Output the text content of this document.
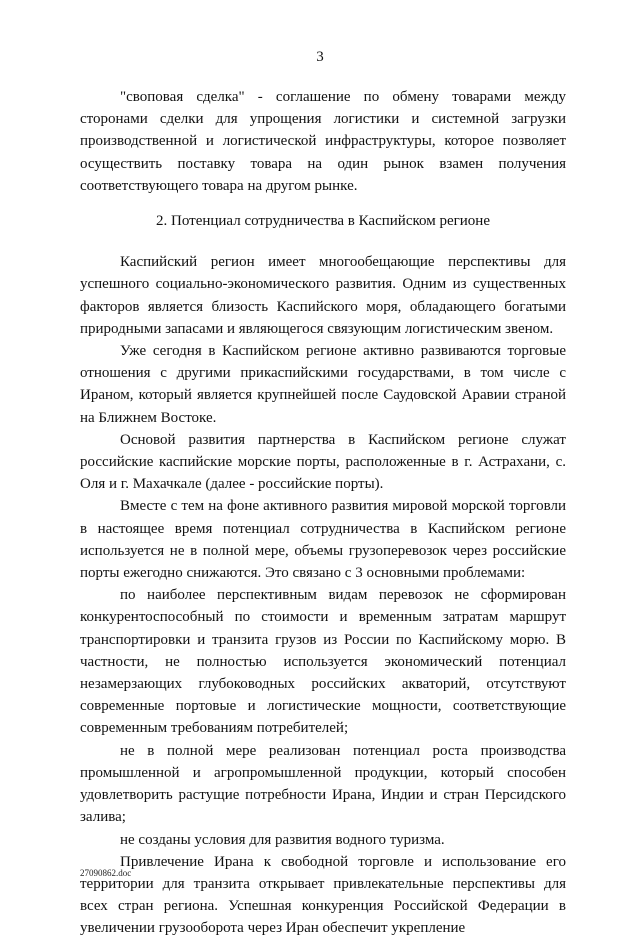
3

"своповая сделка" - соглашение по обмену товарами между сторонами сделки для упрощения логистики и системной загрузки производственной и логистической инфраструктуры, которое позволяет осуществить поставку товара на один рынок взамен получения соответствующего товара на другом рынке.

2. Потенциал сотрудничества в Каспийском регионе

Каспийский регион имеет многообещающие перспективы для успешного социально-экономического развития. Одним из существенных факторов является близость Каспийского моря, обладающего богатыми природными запасами и являющегося связующим логистическим звеном.

Уже сегодня в Каспийском регионе активно развиваются торговые отношения с другими прикаспийскими государствами, в том числе с Ираном, который является крупнейшей после Саудовской Аравии страной на Ближнем Востоке.

Основой развития партнерства в Каспийском регионе служат российские каспийские морские порты, расположенные в г. Астрахани, с. Оля и г. Махачкале (далее - российские порты).

Вместе с тем на фоне активного развития мировой морской торговли в настоящее время потенциал сотрудничества в Каспийском регионе используется не в полной мере, объемы грузоперевозок через российские порты ежегодно снижаются. Это связано с 3 основными проблемами:

по наиболее перспективным видам перевозок не сформирован конкурентоспособный по стоимости и временным затратам маршрут транспортировки и транзита грузов из России по Каспийскому морю. В частности, не полностью используется экономический потенциал незамерзающих глубоководных российских акваторий, отсутствуют современные портовые и логистические мощности, соответствующие современным требованиям потребителей;

не в полной мере реализован потенциал роста производства промышленной и агропромышленной продукции, который способен удовлетворить растущие потребности Ирана, Индии и стран Персидского залива;

не созданы условия для развития водного туризма.

Привлечение Ирана к свободной торговле и использование его территории для транзита открывает привлекательные перспективы для всех стран региона. Успешная конкуренция Российской Федерации в увеличении грузооборота через Иран обеспечит укрепление

27090862.doc
